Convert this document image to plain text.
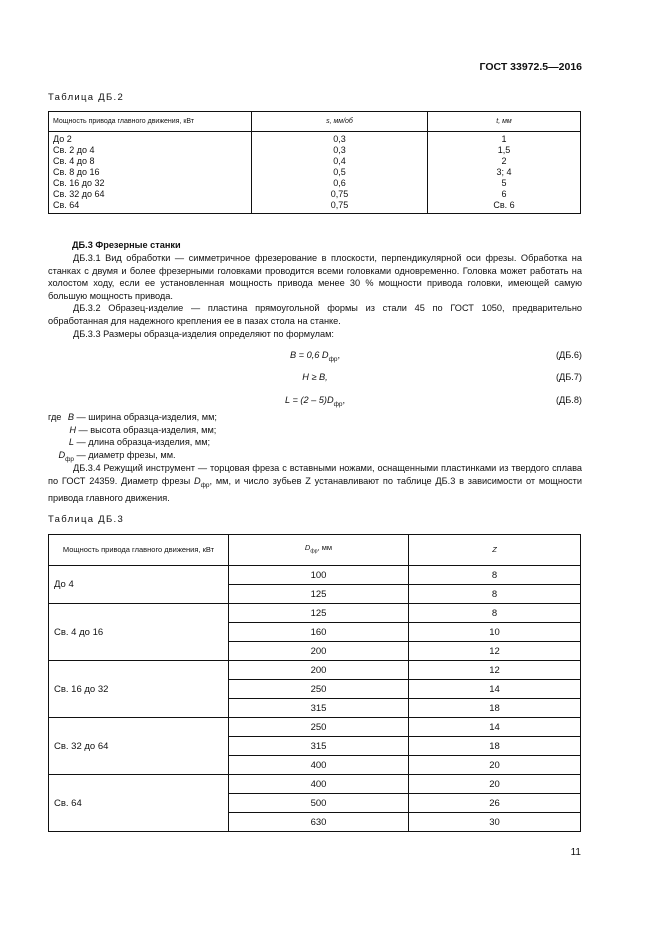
ГОСТ 33972.5—2016
Таблица ДБ.2
Мощность привода главного движения, кВт	s, мм/об	t, мм
До 2	0,3	1
Св. 2 до 4	0,3	1,5
Св. 4 до 8	0,4	2
Св. 8 до 16	0,5	3; 4
Св. 16 до 32	0,6	5
Св. 32 до 64	0,75	6
Св. 64	0,75	Св. 6
ДБ.3 Фрезерные станки

ДБ.3.1 Вид обработки — симметричное фрезерование в плоскости, перпендикулярной оси фрезы. Обработка на станках с двумя и более фрезерными головками проводится всеми головками одновременно. Головка может работать на холостом ходу, если ее установленная мощность привода менее 30 % мощности привода головки, имеющей самую большую мощность привода.

ДБ.3.2 Образец-изделие — пластина прямоугольной формы из стали 45 по ГОСТ 1050, предварительно обработанная для надежного крепления ее в пазах стола на станке.

ДБ.3.3 Размеры образца-изделия определяют по формулам:

B = 0,6 $D_{фр}$,	(ДБ.6)
H ≥ B,	(ДБ.7)
$L = (2 - 5)D_{фр}$,	(ДБ.8)
где B — ширина образца-изделия, мм;
H — высота образца-изделия, мм;
L — длина образца-изделия, мм;
$D_{фр}$ — диаметр фрезы, мм.

ДБ.3.4 Режущий инструмент — торцовая фреза с вставными ножами, оснащенными пластинками из твердого сплава по ГОСТ 24359. Диаметр фрезы $D_{фр}$, мм, и число зубьев Z устанавливают по таблице ДБ.3 в зависимости от мощности привода главного движения.

Таблица ДБ.3
Мощность привода главного движения, кВт	$D_{фр}$, мм	Z
До 4	100	8
	125	8
Св. 4 до 16	125	8
	160	10
	200	12
Св. 16 до 32	200	12
	250	14
	315	18
Св. 32 до 64	250	14
	315	18
	400	20
Св. 64	400	20
	500	26
	630	30
11
